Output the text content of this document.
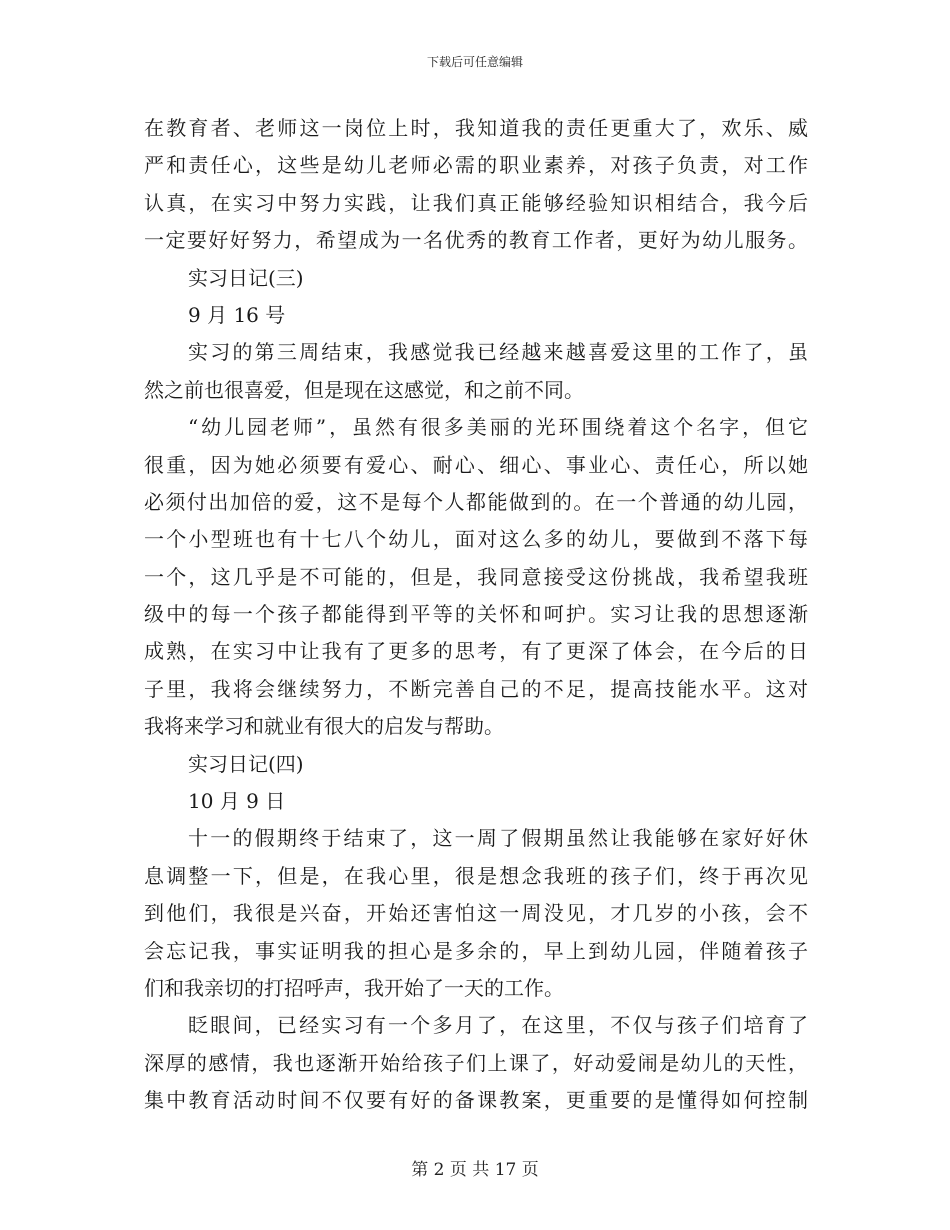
下载后可任意编辑
在教育者、老师这一岗位上时，我知道我的责任更重大了，欢乐、威
严和责任心，这些是幼儿老师必需的职业素养，对孩子负责，对工作
认真，在实习中努力实践，让我们真正能够经验知识相结合，我今后
一定要好好努力，希望成为一名优秀的教育工作者，更好为幼儿服务。
实习日记(三)
9 月 16 号
实习的第三周结束，我感觉我已经越来越喜爱这里的工作了，虽
然之前也很喜爱，但是现在这感觉，和之前不同。
“幼儿园老师”，虽然有很多美丽的光环围绕着这个名字，但它
很重，因为她必须要有爱心、耐心、细心、事业心、责任心，所以她
必须付出加倍的爱，这不是每个人都能做到的。在一个普通的幼儿园，
一个小型班也有十七八个幼儿，面对这么多的幼儿，要做到不落下每
一个，这几乎是不可能的，但是，我同意接受这份挑战，我希望我班
级中的每一个孩子都能得到平等的关怀和呵护。实习让我的思想逐渐
成熟，在实习中让我有了更多的思考，有了更深了体会，在今后的日
子里，我将会继续努力，不断完善自己的不足，提高技能水平。这对
我将来学习和就业有很大的启发与帮助。
实习日记(四)
10 月 9 日
十一的假期终于结束了，这一周了假期虽然让我能够在家好好休
息调整一下，但是，在我心里，很是想念我班的孩子们，终于再次见
到他们，我很是兴奋，开始还害怕这一周没见，才几岁的小孩，会不
会忘记我，事实证明我的担心是多余的，早上到幼儿园，伴随着孩子
们和我亲切的打招呼声，我开始了一天的工作。
眨眼间，已经实习有一个多月了，在这里，不仅与孩子们培育了
深厚的感情，我也逐渐开始给孩子们上课了，好动爱闹是幼儿的天性，
集中教育活动时间不仅要有好的备课教案，更重要的是懂得如何控制
第 2 页 共 17 页
